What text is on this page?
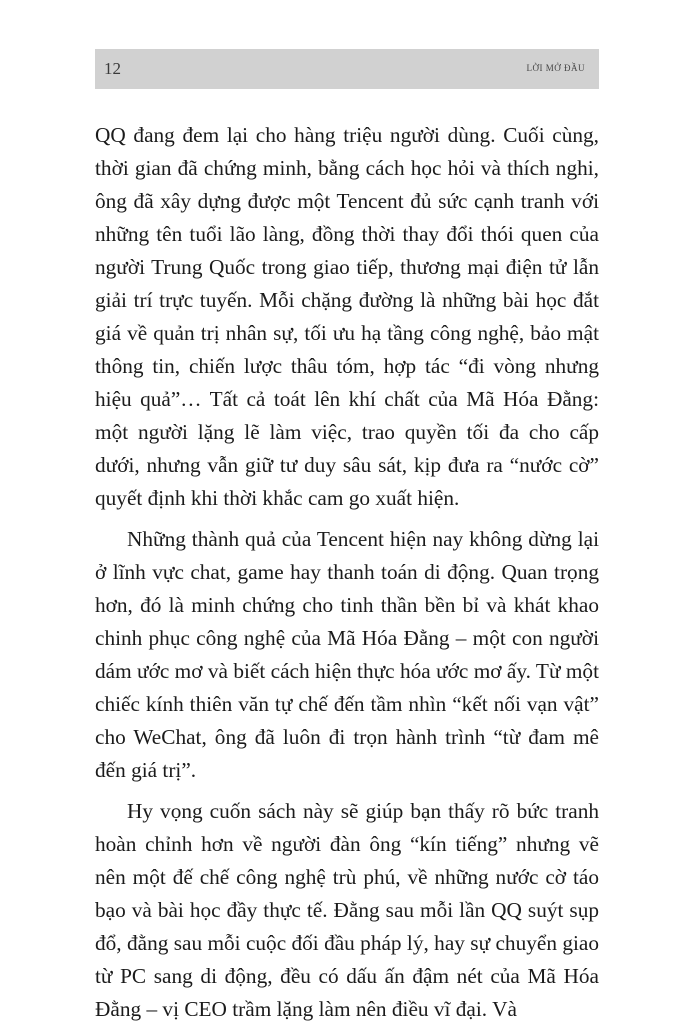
12	LỜI MỞ ĐẦU

QQ đang đem lại cho hàng triệu người dùng. Cuối cùng, thời gian đã chứng minh, bằng cách học hỏi và thích nghi, ông đã xây dựng được một Tencent đủ sức cạnh tranh với những tên tuổi lão làng, đồng thời thay đổi thói quen của người Trung Quốc trong giao tiếp, thương mại điện tử lẫn giải trí trực tuyến. Mỗi chặng đường là những bài học đắt giá về quản trị nhân sự, tối ưu hạ tầng công nghệ, bảo mật thông tin, chiến lược thâu tóm, hợp tác “đi vòng nhưng hiệu quả”… Tất cả toát lên khí chất của Mã Hóa Đằng: một người lặng lẽ làm việc, trao quyền tối đa cho cấp dưới, nhưng vẫn giữ tư duy sâu sát, kịp đưa ra “nước cờ” quyết định khi thời khắc cam go xuất hiện.

Những thành quả của Tencent hiện nay không dừng lại ở lĩnh vực chat, game hay thanh toán di động. Quan trọng hơn, đó là minh chứng cho tinh thần bền bỉ và khát khao chinh phục công nghệ của Mã Hóa Đằng – một con người dám ước mơ và biết cách hiện thực hóa ước mơ ấy. Từ một chiếc kính thiên văn tự chế đến tầm nhìn “kết nối vạn vật” cho WeChat, ông đã luôn đi trọn hành trình “từ đam mê đến giá trị”.

Hy vọng cuốn sách này sẽ giúp bạn thấy rõ bức tranh hoàn chỉnh hơn về người đàn ông “kín tiếng” nhưng vẽ nên một đế chế công nghệ trù phú, về những nước cờ táo bạo và bài học đầy thực tế. Đằng sau mỗi lần QQ suýt sụp đổ, đằng sau mỗi cuộc đối đầu pháp lý, hay sự chuyển giao từ PC sang di động, đều có dấu ấn đậm nét của Mã Hóa Đằng – vị CEO trầm lặng làm nên điều vĩ đại. Và
